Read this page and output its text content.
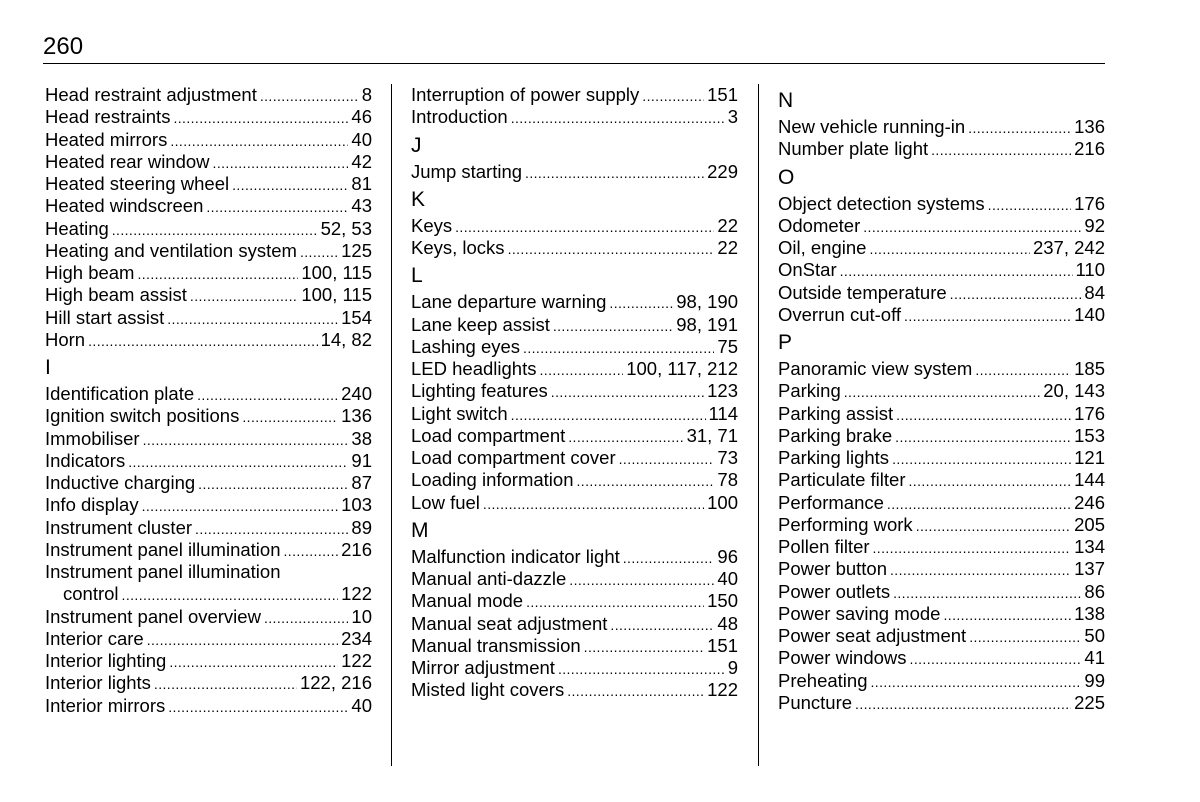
260
Head restraint adjustment .....	8
Head restraints .....	46
Heated mirrors .....	40
Heated rear window .....	42
Heated steering wheel .....	81
Heated windscreen .....	43
Heating .....	52, 53
Heating and ventilation system ..... 125
High beam .....	100, 115
High beam assist .....	100, 115
Hill start assist .....	154
Horn .....	14, 82
I
Identification plate .....	240
Ignition switch positions .....	136
Immobiliser .....	38
Indicators .....	91
Inductive charging .....	87
Info display .....	103
Instrument cluster .....	89
Instrument panel illumination .....	216
Instrument panel illumination
control .....	122
Instrument panel overview .....	10
Interior care .....	234
Interior lighting .....	122
Interior lights .....	122, 216
Interior mirrors .....	40
Interruption of power supply .....	151
Introduction .....	3
J
Jump starting .....	229
K
Keys .....	22
Keys, locks .....	22
L
Lane departure warning .....	98, 190
Lane keep assist .....	98, 191
Lashing eyes .....	75
LED headlights .....	100, 117, 212
Lighting features .....	123
Light switch .....	114
Load compartment .....	31, 71
Load compartment cover .....	73
Loading information .....	78
Low fuel .....	100
M
Malfunction indicator light .....	96
Manual anti-dazzle .....	40
Manual mode .....	150
Manual seat adjustment .....	48
Manual transmission .....	151
Mirror adjustment .....	9
Misted light covers .....	122
N
New vehicle running-in .....	136
Number plate light .....	216
O
Object detection systems .....	176
Odometer .....	92
Oil, engine .....	237, 242
OnStar .....	110
Outside temperature .....	84
Overrun cut-off .....	140
P
Panoramic view system .....	185
Parking .....	20, 143
Parking assist .....	176
Parking brake .....	153
Parking lights .....	121
Particulate filter .....	144
Performance .....	246
Performing work .....	205
Pollen filter .....	134
Power button .....	137
Power outlets .....	86
Power saving mode .....	138
Power seat adjustment .....	50
Power windows .....	41
Preheating .....	99
Puncture .....	225
